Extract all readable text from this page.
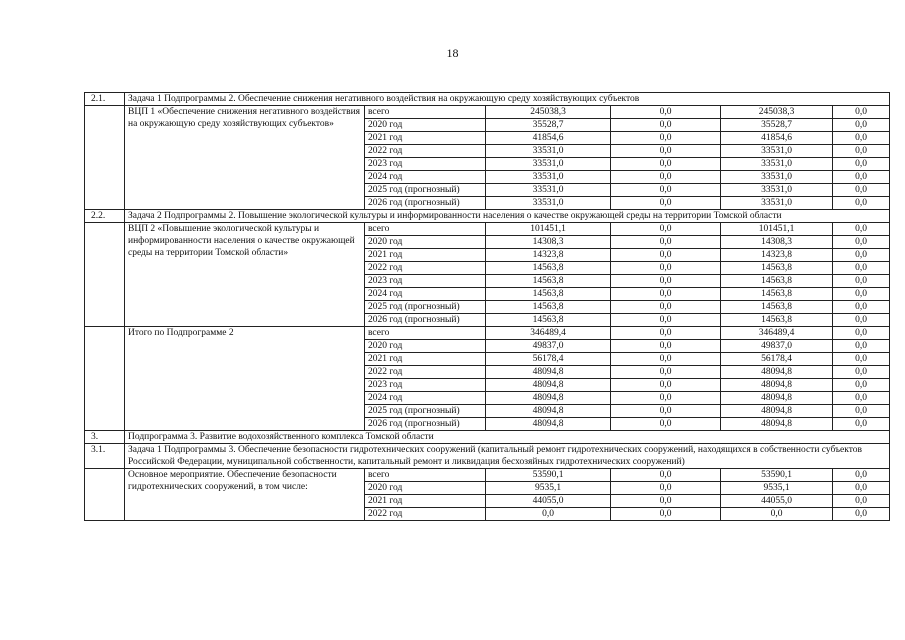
18
2.1.	Задача 1 Подпрограммы 2. Обеспечение снижения негативного воздействия на окружающую среду хозяйствующих субъектов					
	ВЦП 1 «Обеспечение снижения негативного воздействия на окружающую среду хозяйствующих субъектов»	всего	245038,3	0,0	245038,3	0,0
		2020 год	35528,7	0,0	35528,7	0,0
		2021 год	41854,6	0,0	41854,6	0,0
		2022 год	33531,0	0,0	33531,0	0,0
		2023 год	33531,0	0,0	33531,0	0,0
		2024 год	33531,0	0,0	33531,0	0,0
		2025 год (прогнозный)	33531,0	0,0	33531,0	0,0
		2026 год (прогнозный)	33531,0	0,0	33531,0	0,0
2.2.	Задача 2 Подпрограммы 2. Повышение экологической культуры и информированности населения о качестве окружающей среды на территории Томской области					
	ВЦП 2 «Повышение экологической культуры и информированности населения о качестве окружающей среды на территории Томской области»	всего	101451,1	0,0	101451,1	0,0
		2020 год	14308,3	0,0	14308,3	0,0
		2021 год	14323,8	0,0	14323,8	0,0
		2022 год	14563,8	0,0	14563,8	0,0
		2023 год	14563,8	0,0	14563,8	0,0
		2024 год	14563,8	0,0	14563,8	0,0
		2025 год (прогнозный)	14563,8	0,0	14563,8	0,0
		2026 год (прогнозный)	14563,8	0,0	14563,8	0,0
	Итого по Подпрограмме 2	всего	346489,4	0,0	346489,4	0,0
		2020 год	49837,0	0,0	49837,0	0,0
		2021 год	56178,4	0,0	56178,4	0,0
		2022 год	48094,8	0,0	48094,8	0,0
		2023 год	48094,8	0,0	48094,8	0,0
		2024 год	48094,8	0,0	48094,8	0,0
		2025 год (прогнозный)	48094,8	0,0	48094,8	0,0
		2026 год (прогнозный)	48094,8	0,0	48094,8	0,0
3.	Подпрограмма 3. Развитие водохозяйственного комплекса Томской области					
3.1.	Задача 1 Подпрограммы 3. Обеспечение безопасности гидротехнических сооружений (капитальный ремонт гидротехнических сооружений, находящихся в собственности субъектов Российской Федерации, муниципальной собственности, капитальный ремонт и ликвидация бесхозяйных гидротехнических сооружений)					
	Основное мероприятие. Обеспечение безопасности гидротехнических сооружений, в том числе:	всего	53590,1	0,0	53590,1	0,0
		2020 год	9535,1	0,0	9535,1	0,0
		2021 год	44055,0	0,0	44055,0	0,0
		2022 год	0,0	0,0	0,0	0,0
